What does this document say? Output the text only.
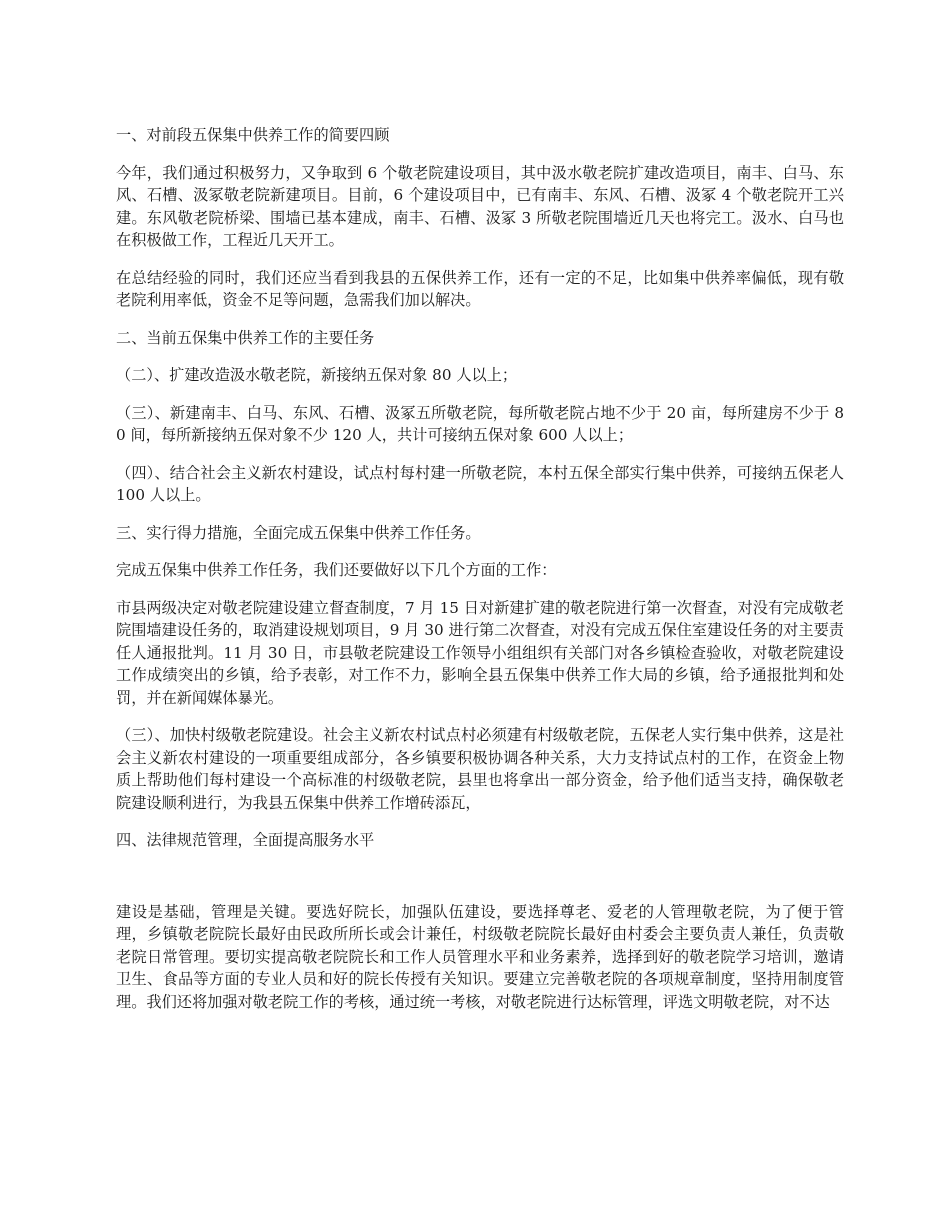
一、对前段五保集中供养工作的简要四顾

今年，我们通过积极努力，又争取到 6 个敬老院建设项目，其中汲水敬老院扩建改造项目，南丰、白马、东风、石槽、汲冢敬老院新建项目。目前，6 个建设项目中，已有南丰、东风、石槽、汲冢 4 个敬老院开工兴建。东风敬老院桥梁、围墙已基本建成，南丰、石槽、汲冢 3 所敬老院围墙近几天也将完工。汲水、白马也在积极做工作，工程近几天开工。

在总结经验的同时，我们还应当看到我县的五保供养工作，还有一定的不足，比如集中供养率偏低，现有敬老院利用率低，资金不足等问题，急需我们加以解决。

二、当前五保集中供养工作的主要任务

（二）、扩建改造汲水敬老院，新接纳五保对象 80 人以上；

（三）、新建南丰、白马、东风、石槽、汲冢五所敬老院，每所敬老院占地不少于 20 亩，每所建房不少于 80 间，每所新接纳五保对象不少 120 人，共计可接纳五保对象 600 人以上；

（四）、结合社会主义新农村建设，试点村每村建一所敬老院，本村五保全部实行集中供养，可接纳五保老人 100 人以上。

三、实行得力措施，全面完成五保集中供养工作任务。

完成五保集中供养工作任务，我们还要做好以下几个方面的工作：

市县两级决定对敬老院建设建立督查制度，7 月 15 日对新建扩建的敬老院进行第一次督查，对没有完成敬老院围墙建设任务的，取消建设规划项目，9 月 30 进行第二次督查，对没有完成五保住室建设任务的对主要责任人通报批判。11 月 30 日，市县敬老院建设工作领导小组组织有关部门对各乡镇检查验收，对敬老院建设工作成绩突出的乡镇，给予表彰，对工作不力，影响全县五保集中供养工作大局的乡镇，给予通报批判和处罚，并在新闻媒体暴光。

（三）、加快村级敬老院建设。社会主义新农村试点村必须建有村级敬老院，五保老人实行集中供养，这是社会主义新农村建设的一项重要组成部分，各乡镇要积极协调各种关系，大力支持试点村的工作，在资金上物质上帮助他们每村建设一个高标准的村级敬老院，县里也将拿出一部分资金，给予他们适当支持，确保敬老院建设顺利进行，为我县五保集中供养工作增砖添瓦，

四、法律规范管理，全面提高服务水平

建设是基础，管理是关键。要选好院长，加强队伍建设，要选择尊老、爱老的人管理敬老院，为了便于管理，乡镇敬老院院长最好由民政所所长或会计兼任，村级敬老院院长最好由村委会主要负责人兼任，负责敬老院日常管理。要切实提高敬老院院长和工作人员管理水平和业务素养，选择到好的敬老院学习培训，邀请卫生、食品等方面的专业人员和好的院长传授有关知识。要建立完善敬老院的各项规章制度，坚持用制度管理。我们还将加强对敬老院工作的考核，通过统一考核，对敬老院进行达标管理，评选文明敬老院，对不达
